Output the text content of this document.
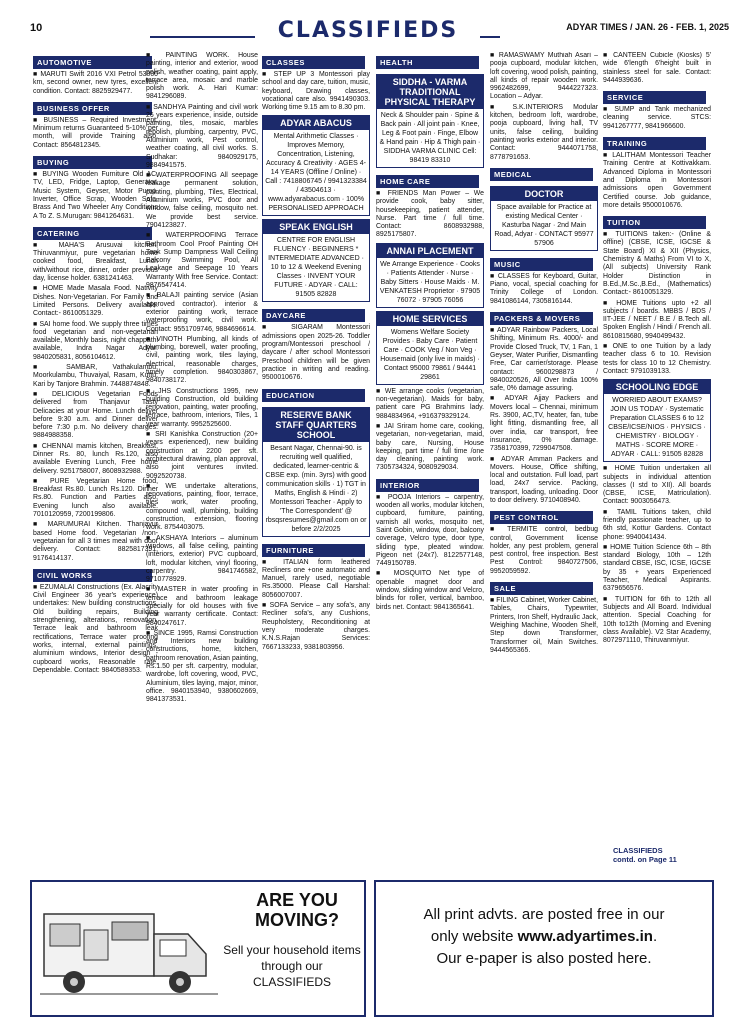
10	CLASSIFIEDS	ADYAR TIMES / JAN. 26 - FEB. 1, 2025
AUTOMOTIVE

■ MARUTI Swift 2016 VXI Petrol 53000 km, second owner, new tyres, excellent condition. Contact: 8825929477.

BUSINESS OFFER

■ BUSINESS – Required Investment, Minimum returns Guaranteed 5-10% per month, will provide Training also. Contact: 8564812345.

BUYING

■ BUYING Wooden Furniture Old AC, TV, LED, Fridge, Laptop, Generator, Music System, Geyser, Motor Pump, Inverter, Office Scrap, Wooden Sofa, Brass And Two Wheeler Any Conditions A To Z. S.Murugan: 9841264631.

CATERING

■ MAHA'S Arusuvai kitchen, Thiruvanmiyur, pure vegetarian home cooked food, Breakfast, Lunch with/without rice, dinner, order previous day, license holder. 6381241463.

■ HOME Made Masala Food. Nativity Dishes. Non-Vegetarian. For Family and Limited Persons. Delivery available. Contact:- 8610051329.

■ SAI home food. We supply three times food vegetarian and non-vegetarian available, Monthly basis, night chappathi available, Indra Nagar Adyar. 9840205831, 8056104612.

■ SAMBAR, Vathakulambu, Moorkulambu, Thuvaiyal, Rasam, Kuttu, Kari by Tanjore Brahmin. 7448874848.

■ DELICIOUS Vegetarian Foods delivered from Thanjavur Tasty Delicacies at your Home. Lunch deliver before 9:30 a.m. and Dinner deliver before 7:30 p.m. No delivery charges. 9884988358.

■ CHENNAI mamis kitchen, Breakfast, Dinner Rs. 80, lunch Rs.120, also available Evening Lunch, Free home delivery. 9251758007, 8608932988.

■ PURE Vegetarian Home food, Breakfast Rs.80. Lunch Rs.120. Dinner Rs.80. Function and Parties also, Evening lunch also available. 7010120959, 7200199806.

■ MARUMURAI Kitchen. Thanjavur based Home food. Vegetarian /non-vegetarian for all 3 times meal with door delivery. Contact: 8825817391, 9176414137.

CIVIL WORKS

■ EZUMALAI Constructions (Ex. Alacrity Civil Engineer 36 year's experience) undertakes: New building constructions, Old building repairs, Building strengthening, alterations, renovation, Terrace leak and bathroom leak rectifications, Terrace water proofing works, internal, external paintings, aluminium windows, Interior design - cupboard works, Reasonable rate, Dependable. Contact: 9840589353.

■ PAINTING WORK. House painting, interior and exterior, wood polish, weather coating, paint apply, terrace area, mosaic and marble polish work. A. Hari Kumar: 9841296089.

■ SANDHYA Painting and civil work 26 years experience, inside, outside painting, tiles, mosaic, marbles repolish, plumbing, carpentry, PVC, Aluminium work, Pest control, weather coating, all civil works. S. Sudhakar: 9840929175, 9884941575.

■ WATERPROOFING All seepage leakage permanent solution, painting, plumbing, Tiles, Electrical, Aluminium works, PVC door and window, false ceiling, mosquito net. We provide best service. 7904123827.

■ WATERPROOFING Terrace Bathroom Cool Proof Painting OH Tank Sump Dampness Wall Ceiling Balcony Swimming Pool, All Leakage and Seepage 10 Years Warranty With free Service. Contact: 9876547414.

■ BALAJI painting service (Asian approved contractor). interior & exterior painting work, terrace waterproofing work, civil work. Contact: 9551709746, 9884696614.

■ VINOTH Plumbing, all kinds of plumbing, borewell, water proofing, civil, painting work, tiles laying, electrical, reasonable charges, timely completion. 9840303867, 9840738172.

■ JHS Constructions 1995, new building Construction, old building renovation, painting, water proofing, terrace, bathroom, interiors, Tiles, 1 year warranty. 9952525600.

■ SRI Kanishka Construction (20+ years experienced), new building construction at 2200 per sft. architectural drawing, plan approval, also joint ventures invited. 9092520738.

■ WE undertake alterations, renovations, painting, floor, terrace, tiles work, water proofing, compound wall, plumbing, building construction, extension, flooring work. 8754403075.

■ AKSHAYA Interiors – aluminum windows, all false ceiling, painting (interiors, exterior) PVC cupboard, loft, modular kitchen, vinyl flooring, carpentry. 9841746582, 9710778929.

■ MASTER in water proofing in terrace and bathroom leakage specially for old houses with five year warranty certificate. Contact: 9840247617.

■ SINCE 1995, Ramsi Construction and Interiors new building constructions, home, kitchen, bathroom renovation, Asian painting, Rs.1.50 per sft. carpentry, modular, wardrobe, loft covering, wood, PVC, Aluminium, tiles laying, major, minor, office. 9840153940, 9380602669, 9841373531.

CLASSES

■ STEP UP 3 Montessori play school and day care, tuition, music, keyboard, Drawing classes, vocational care also. 9941490303. Working time 9.15 am to 8.30 pm.

ADYAR ABACUS
Mental Arithmetic Classes · Improves Memory, Concentration, Listening, Accuracy & Creativity · AGES 4-14 YEARS (Offline / Online) · Call : 7418806745 / 9941323384 / 43504613 · www.adyarabacus.com · 100% PERSONALISED APPROACH
SPEAK ENGLISH
CENTRE FOR ENGLISH FLUENCY · BEGINNERS * INTERMEDIATE ADVANCED · 10 to 12 & Weekend Evening Classes · INVENT YOUR FUTURE · ADYAR · CALL: 91505 82828
DAYCARE

■ SIGARAM Montessori admissions open 2025-26. Toddler program/Montessori preschool / daycare / after school Montessori Preschool children will be given practice in writing and reading. 9500010676.

EDUCATION
RESERVE BANK STAFF QUARTERS SCHOOL
Besant Nagar, Chennai-90. is recruiting well qualified, dedicated, learner-centric & CBSE exp. (min. 3yrs) with good communication skills · 1) TGT in Maths, English & Hindi · 2) Montessori Teacher · Apply to 'The Correspondent' @ rbsqsresumes@gmail.com on or before 2/2/2025
FURNITURE

■ ITALIAN form leathered Recliners one +one automatic and Manuel, rarely used, negotiable Rs.35000. Please Call Harshal: 8056007007.

■ SOFA Service – any sofa's, any Recliner sofa's, any Cushions, Reupholstery, Reconditioning at very moderate charges. K.N.S.Rajan Services: 7667133233, 9381803956.

HEALTH
SIDDHA - VARMA TRADITIONAL PHYSICAL THERAPY
Neck & Shoulder pain · Spine & Back pain · All joint pain · Knee, Leg & Foot pain · Finge, Elbow & Hand pain · Hip & Thigh pain · SIDDHA VARMA CLINIC Cell: 98419 83310
HOME CARE

■ FRIENDS Man Power – We provide cook, baby sitter, housekeeping, patient attender, Nurse. Part time / full time. Contact: 8608932988, 8925175807.

ANNAI PLACEMENT
We Arrange Experience · Cooks · Patients Attender · Nurse · Baby Sitters · House Maids · M. VENKATESH Proprietor · 97905 76072 · 97905 76056
HOME SERVICES
Womens Welfare Society Provides · Baby Care · Patient Care · COOK Veg / Non Veg · Housemaid (only live in maids) · Contact 95000 79861 / 94441 29861

■ WE arrange cooks (vegetarian, non-vegetarian). Maids for baby, patient care PG Brahmins lady. 9884834964, +916379329124.

■ JAI Sriram home care, cooking, vegetarian, non-vegetarian, maid, baby care, Nursing, House keeping, part time / full time /one day cleaning, painting work. 7305734324, 9080929034.

INTERIOR

■ POOJA Interiors – carpentry, wooden all works, modular kitchen, cupboard, furniture, painting, varnish all works, mosquito net, Saint Gobin, window, door, balcony coverage, Velcro type, door type, sliding type, pleated window. Pigeon net (24x7). 8122577148, 7449150789.

■ MOSQUITO Net type of openable magnet door and window, sliding window and Velcro, blinds for roller, vertical, bamboo, birds net. Contact: 9841365641.

■ RAMASWAMY Muthiah Asari – pooja cupboard, modular kitchen, loft covering, wood polish, painting, all kinds of repair wooden work. 9962482699, 9444227323. Location – Adyar.

■ S.K.INTERIORS Modular kitchen, bedroom loft, wardrobe, pooja cupboard, living hall, TV units, false ceiling, building painting works exterior and interior. Contact: 9444071758, 8778791653.

MEDICAL
DOCTOR
Space available for Practice at existing Medical Center · Kasturba Nagar · 2nd Main Road, Adyar · CONTACT 95977 57906
MUSIC

■ CLASSES for Keyboard, Guitar, Piano, vocal, special coaching for Trinity College of London. 9841086144, 7305816144.

PACKERS & MOVERS

■ ADYAR Rainbow Packers, Local Shifting, Minimum Rs. 4000/- and Provide Closed Truck, TV, 1 Fan, 1 Geyser, Water Purifier, Dismantling Free, Car carrier/storage. Please contact: 9600298873 / 9840020526, All Over India 100% safe, 0% damage assuring.

■ ADYAR Ajjay Packers and Movers local – Chennai, minimum Rs. 3900, AC,TV, heater, fan, tube light fitting, dismantling free, all over india, car transport, free insurance, 0% damage. 7358170399, 7299047508.

■ ADYAR Amman Packers and Movers. House, Office shifting, local and outstation. Full load, part load, 24x7 service. Packing, transport, loading, unloading. Door to door delivery. 9710408940.

PEST CONTROL

■ TERMITE control, bedbug control, Government license holder, any pest problem, general pest control, free inspection. Best Pest Control: 9840727506, 9952059592.

SALE

■ FILING Cabinet, Worker Cabinet, Tables, Chairs, Typewriter, Printers, Iron Shelf, Hydraulic Jack, Weighing Machine, Wooden Shelf, Step down Transformer, Transformer oil, Main Switches. 9444565365.

■ CANTEEN Cubicle (Kiosks) 5' wide 6'length 6'height built in stainless steel for sale. Contact: 9444939636.

SERVICE

■ SUMP and Tank mechanized cleaning service. STCS: 9941267777, 9841966600.

TRAINING

■ LALITHAM Montessori Teacher Training Centre at Kottivakkam. Advanced Diploma in Montessori and Diploma in Montessori admissions open Government Certified course. Job guidance, more details 9500010676.

TUITION

■ TUITIONS taken:- (Online & offline) (CBSE, ICSE, IGCSE & State Board) XI & XII (Physics, Chemistry & Maths) From VI to X, (All subjects) University Rank Holder Distinction in B.Ed.,M.Sc.,B.Ed., (Mathematics) Contact:- 8610051329.

■ HOME Tuitions upto +2 all subjects / boards. MBBS / BDS / IIT-JEE / NEET / B.E / B.Tech all. Spoken English / Hindi / French all. 8610815680, 9940499432.

■ ONE to one Tuition by a lady teacher class 6 to 10. Revision tests for class 10 to 12 Chemistry. Contact: 9791039133.

SCHOOLING EDGE
WORRIED ABOUT EXAMS? JOIN US TODAY · Systematic Preparation CLASSES 6 to 12 CBSE/ICSE/NIOS · PHYSICS · CHEMISTRY · BIOLOGY · MATHS · SCORE MORE · ADYAR · CALL: 91505 82828

■ HOME Tuition undertaken all subjects in individual attention classes (I std to XII). All boards (CBSE, ICSE, Matriculation). Contact: 9003056473.

■ TAMIL Tuitions taken, child friendly passionate teacher, up to 6th std, Kottur Gardens. Contact phone: 9940041434.

■ HOME Tuition Science 6th – 8th standard Biology, 10th – 12th standard CBSE, ISC, ICSE, IGCSE by 35 + years Experienced Teacher, Medical Aspirants. 6379656576.

■ TUITION for 6th to 12th all Subjects and All Board. Individual attention. Special Coaching for 10th to12th (Morning and Evening class Available). V2 Star Academy, 8072971110, Thiruvanmiyur.

CLASSIFIEDS
contd. on Page 11
ARE YOU
MOVING?
Sell your household items through our CLASSIFIEDS
All print advts. are posted free in our
only website www.adyartimes.in.
Our e-paper is also posted here.
